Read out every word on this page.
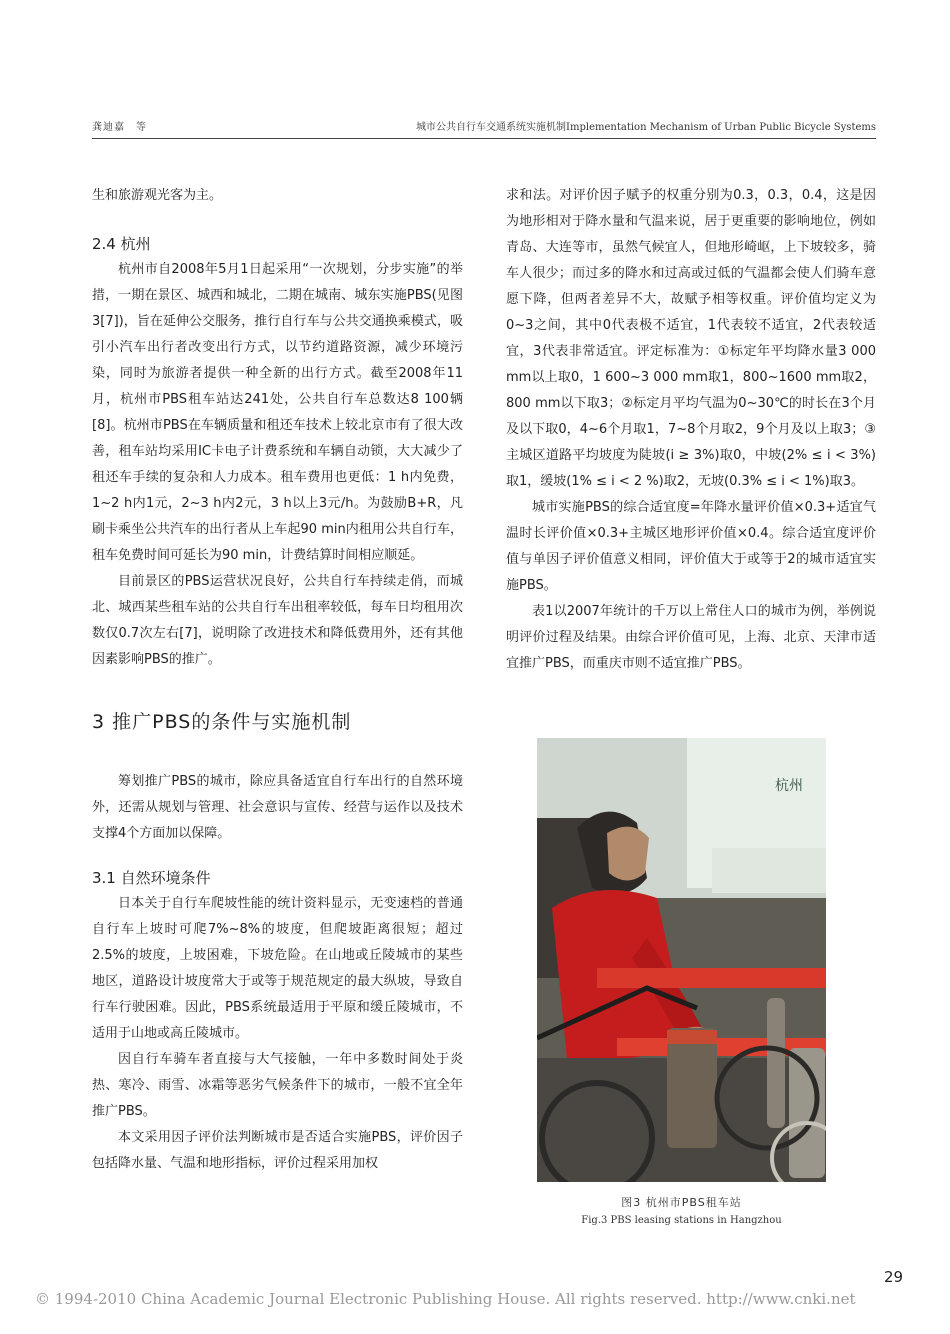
龚迪嘉　等	城市公共自行车交通系统实施机制Implementation Mechanism of Urban Public Bicycle Systems

生和旅游观光客为主。

2.4 杭州

杭州市自2008年5月1日起采用“一次规划，分步实施”的举措，一期在景区、城西和城北，二期在城南、城东实施PBS(见图3[7])，旨在延伸公交服务，推行自行车与公共交通换乘模式，吸引小汽车出行者改变出行方式，以节约道路资源，减少环境污染，同时为旅游者提供一种全新的出行方式。截至2008年11月，杭州市PBS租车站达241处，公共自行车总数达8 100辆[8]。杭州市PBS在车辆质量和租还车技术上较北京市有了很大改善，租车站均采用IC卡电子计费系统和车辆自动锁，大大减少了租还车手续的复杂和人力成本。租车费用也更低：1 h内免费，1~2 h内1元，2~3 h内2元，3 h以上3元/h。为鼓励B+R，凡刷卡乘坐公共汽车的出行者从上车起90 min内租用公共自行车，租车免费时间可延长为90 min，计费结算时间相应顺延。

目前景区的PBS运营状况良好，公共自行车持续走俏，而城北、城西某些租车站的公共自行车出租率较低，每车日均租用次数仅0.7次左右[7]，说明除了改进技术和降低费用外，还有其他因素影响PBS的推广。

3 推广PBS的条件与实施机制

筹划推广PBS的城市，除应具备适宜自行车出行的自然环境外，还需从规划与管理、社会意识与宣传、经营与运作以及技术支撑4个方面加以保障。

3.1 自然环境条件

日本关于自行车爬坡性能的统计资料显示，无变速档的普通自行车上坡时可爬7%~8%的坡度，但爬坡距离很短；超过2.5%的坡度，上坡困难，下坡危险。在山地或丘陵城市的某些地区，道路设计坡度常大于或等于规范规定的最大纵坡，导致自行车行驶困难。因此，PBS系统最适用于平原和缓丘陵城市，不适用于山地或高丘陵城市。

因自行车骑车者直接与大气接触，一年中多数时间处于炎热、寒冷、雨雪、冰霜等恶劣气候条件下的城市，一般不宜全年推广PBS。

本文采用因子评价法判断城市是否适合实施PBS，评价因子包括降水量、气温和地形指标，评价过程采用加权

求和法。对评价因子赋予的权重分别为0.3，0.3，0.4，这是因为地形相对于降水量和气温来说，居于更重要的影响地位，例如青岛、大连等市，虽然气候宜人，但地形崎岖，上下坡较多，骑车人很少；而过多的降水和过高或过低的气温都会使人们骑车意愿下降，但两者差异不大，故赋予相等权重。评价值均定义为0~3之间，其中0代表极不适宜，1代表较不适宜，2代表较适宜，3代表非常适宜。评定标准为：①标定年平均降水量3 000 mm以上取0，1 600~3 000 mm取1，800~1600 mm取2，800 mm以下取3；②标定月平均气温为0~30℃的时长在3个月及以下取0，4~6个月取1，7~8个月取2，9个月及以上取3；③主城区道路平均坡度为陡坡(i ≥ 3%)取0，中坡(2% ≤ i < 3%)取1，缓坡(1% ≤ i < 2 %)取2，无坡(0.3% ≤ i < 1%)取3。

城市实施PBS的综合适宜度=年降水量评价值×0.3+适宜气温时长评价值×0.3+主城区地形评价值×0.4。综合适宜度评价值与单因子评价值意义相同，评价值大于或等于2的城市适宜实施PBS。

表1以2007年统计的千万以上常住人口的城市为例，举例说明评价过程及结果。由综合评价值可见，上海、北京、天津市适宜推广PBS，而重庆市则不适宜推广PBS。

杭州
图3 杭州市PBS租车站
Fig.3 PBS leasing stations in Hangzhou
29
© 1994-2010 China Academic Journal Electronic Publishing House. All rights reserved. http://www.cnki.net
